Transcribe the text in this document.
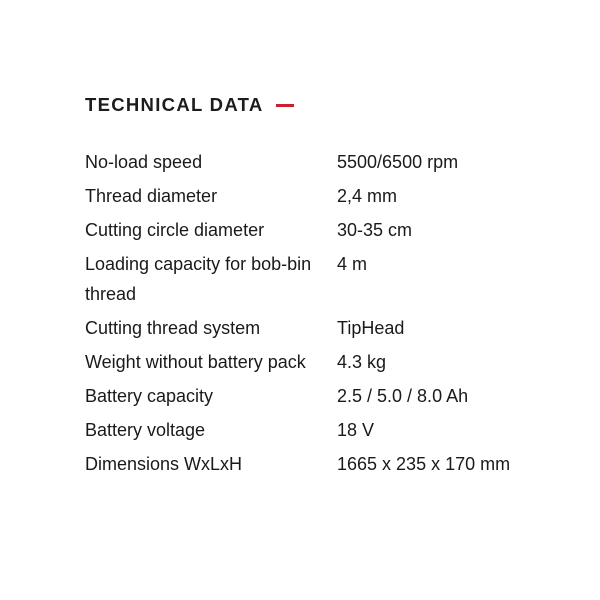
TECHNICAL DATA
No-load speed	5500/6500 rpm
Thread diameter	2,4 mm
Cutting circle diameter	30-35 cm
Loading capacity for bob-bin thread	4 m
Cutting thread system	TipHead
Weight without battery pack	4.3 kg
Battery capacity	2.5 / 5.0 / 8.0 Ah
Battery voltage	18 V
Dimensions WxLxH	1665 x 235 x 170 mm
